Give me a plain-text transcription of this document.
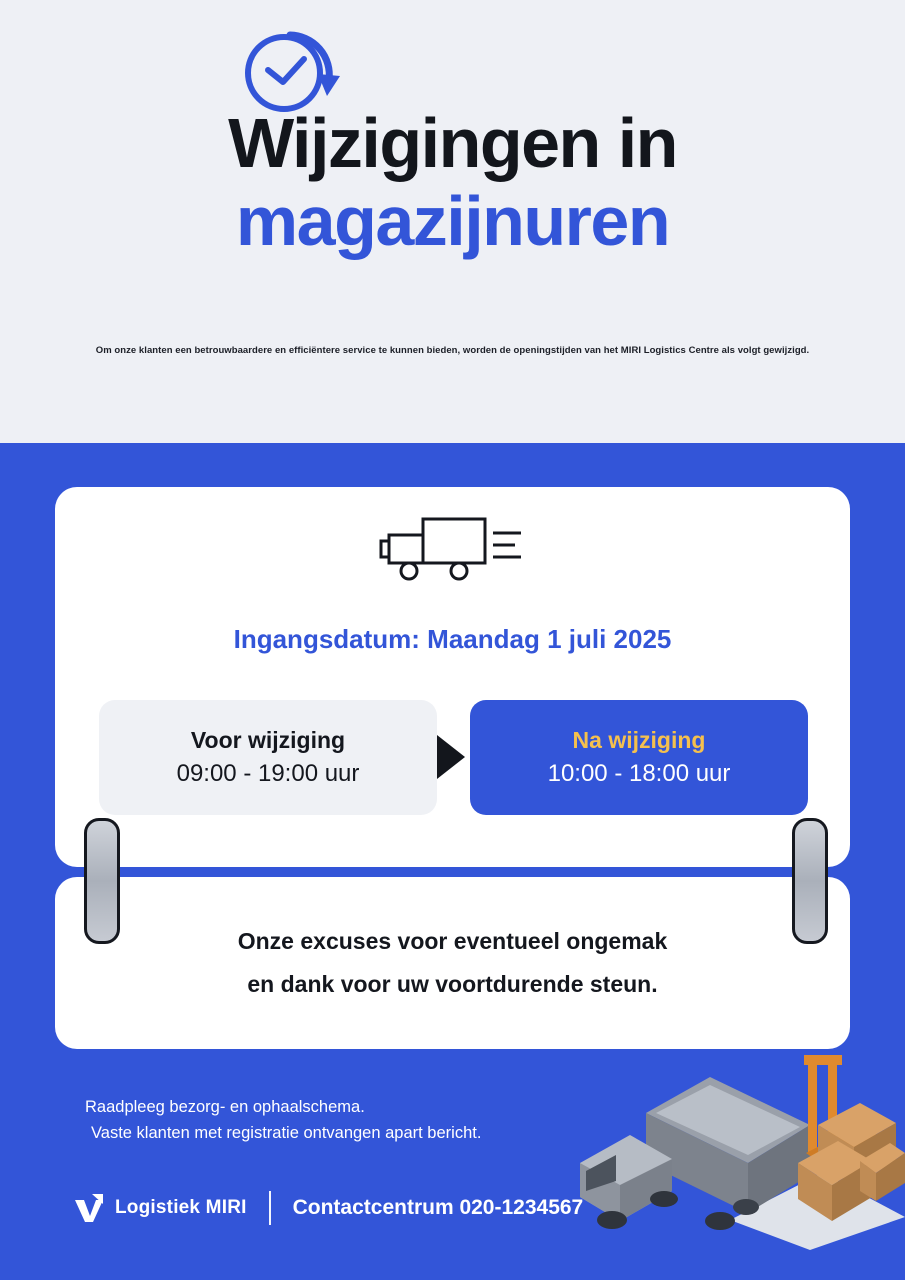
Wijzigingen in
magazijnuren
Om onze klanten een betrouwbaardere en efficiëntere service te kunnen bieden, worden de openingstijden van het MIRI Logistics Centre als volgt gewijzigd.
Ingangsdatum: Maandag 1 juli 2025
Voor wijziging
09:00 - 19:00 uur
Na wijziging
10:00 - 18:00 uur
Onze excuses voor eventueel ongemak
en dank voor uw voortdurende steun.
Raadpleeg bezorg- en ophaalschema.
Vaste klanten met registratie ontvangen apart bericht.
Logistiek MIRI Contactcentrum 020-1234567
